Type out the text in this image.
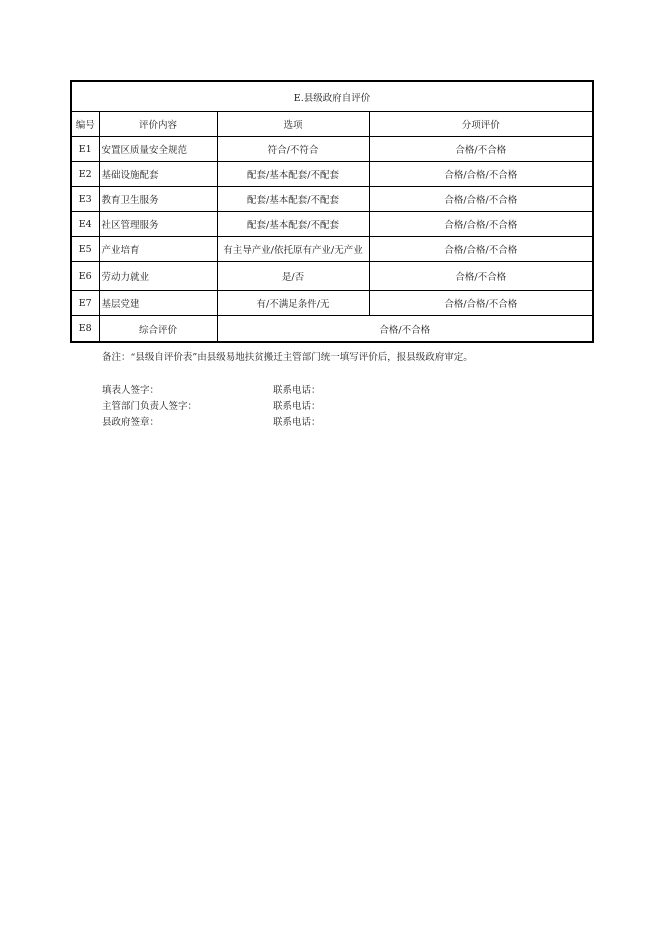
E.县级政府自评价			
编号	评价内容	选项	分项评价
E1	安置区质量安全规范	符合/不符合	合格/不合格
E2	基础设施配套	配套/基本配套/不配套	合格/合格/不合格
E3	教育卫生服务	配套/基本配套/不配套	合格/合格/不合格
E4	社区管理服务	配套/基本配套/不配套	合格/合格/不合格
E5	产业培育	有主导产业/依托原有产业/无产业	合格/合格/不合格
E6	劳动力就业	是/否	合格/不合格
E7	基层党建	有/不满足条件/无	合格/合格/不合格
E8	综合评价	合格/不合格	
备注：“县级自评价表”由县级易地扶贫搬迁主管部门统一填写评价后，报县级政府审定。
填表人签字：	联系电话：
主管部门负责人签字：	联系电话：
县政府签章：	联系电话：
